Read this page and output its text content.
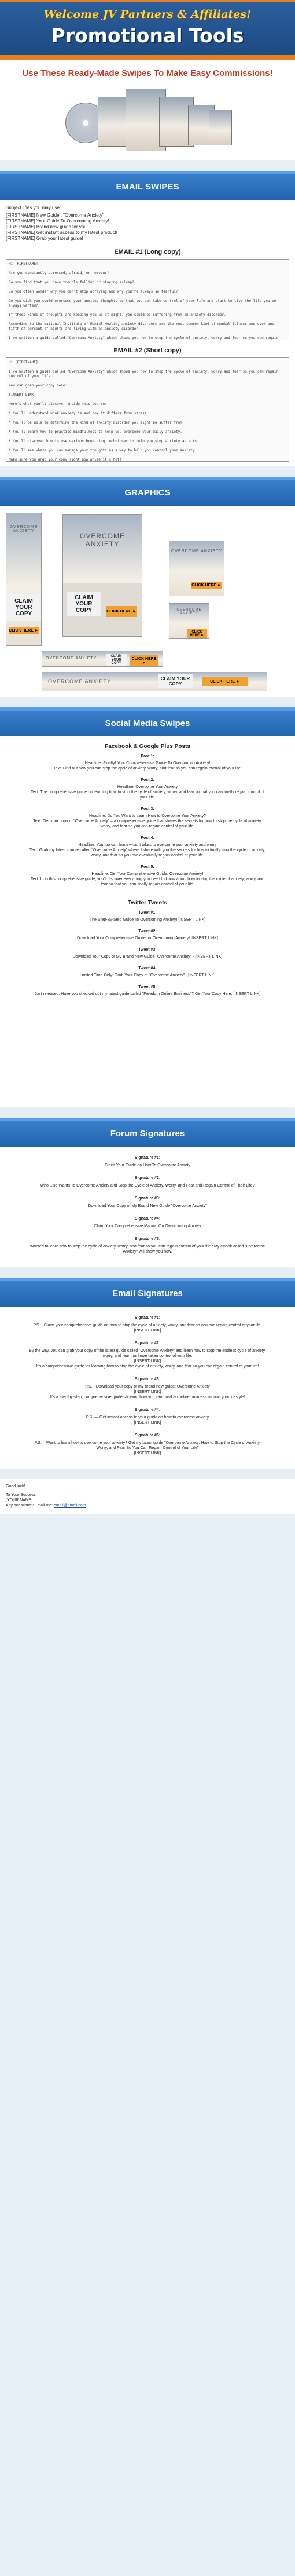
Welcome JV Partners & Affiliates!
Promotional Tools
Use These Ready-Made Swipes To Make Easy Commissions!
EMAIL SWIPES
Subject lines you may use:
[FIRSTNAME] New Guide : "Overcome Anxiety"
[FIRSTNAME] Your Guide To Overcoming Anxiety!
[FIRSTNAME] Brand new guide for you!
[FIRSTNAME] Get instant access to my latest product!
[FIRSTNAME] Grab your latest guide!
EMAIL #1 (Long copy)
Hi [FIRSTNAME],

Are you constantly stressed, afraid, or nervous?

Do you find that you have trouble falling or staying asleep?

Do you often wonder why you can't stop worrying and why you're always so fearful?

Do you wish you could overcome your anxious thoughts so that you can take control of your life and start to live the life you've always wanted?

If these kinds of thoughts are keeping you up at night, you could be suffering from an anxiety disorder.

According to the National Institute of Mental Health, anxiety disorders are the most common kind of mental illness and over one-fifth of percent of adults are living with an anxiety disorder.

I've written a guide called "Overcome Anxiety" which shows you how to stop the cycle of anxiety, worry and fear so you can regain

EMAIL #2 (Short copy)
Hi [FIRSTNAME],

I've written a guide called "Overcome Anxiety" which shows you how to stop the cycle of anxiety, worry and fear so you can regain control of your life.

You can grab your copy here:

[INSERT LINK]

Here's what you'll discover inside this course:

* You'll understand what anxiety is and how it differs from stress.

* You'll be able to determine the kind of anxiety disorder you might be suffer from.

* You'll learn how to practice mindfulness to help you overcome your daily anxiety.

* You'll discover how to use various breathing techniques to help you stop anxiety attacks.

* You'll see where you can manage your thoughts as a way to help you control your anxiety.

Make sure you grab your copy right now while it's hot!

GRAPHICS
OVERCOME ANXIETY
CLAIM YOUR COPY
CLICK HERE ►
OVERCOME ANXIETY
CLAIM YOUR COPY	CLICK HERE ►
OVERCOME ANXIETY
CLICK HERE ►
OVERCOME ANXIETY
CLICK HERE ►
OVERCOME ANXIETY	CLAIM YOUR COPY
CLICK HERE ►
OVERCOME ANXIETY	CLAIM YOUR COPY	CLICK HERE ►
Social Media Swipes
Facebook & Google Plus Posts
Post 1:
Headline: Finally! Your Comprehensive Guide To Overcoming Anxiety!
Text: Find out how you can stop the cycle of anxiety, worry, and fear so you can regain control of your life.
Post 2:
Headline: Overcome Your Anxiety
Text: The comprehensive guide on learning how to stop the cycle of anxiety, worry, and fear so that you can finally regain control of your life.
Post 3:
Headline: Do You Want to Learn How to Overcome Your Anxiety?
Text: Get your copy of "Overcome Anxiety" – a comprehensive guide that shares the secrets for how to stop the cycle of anxiety, worry, and fear so you can regain control of your life.
Post 4:
Headline: You too can learn what it takes to overcome your anxiety and worry
Text: Grab my latest course called "Overcome Anxiety" where I share with you the secrets for how to finally stop the cycle of anxiety, worry, and fear so you can eventually regain control of your life.
Post 5:
Headline: Get Your Comprehensive Guide: Overcome Anxiety!
Text: In in this comprehensive guide, you'll discover everything you need to know about how to stop the cycle of anxiety, worry, and fear so that you can finally regain control of your life.
Twitter Tweets
Tweet #1:
The Step-By-Step Guide To Overcoming Anxiety! [INSERT LINK]
Tweet #2:
Download Your Comprehensive Guide for Overcoming Anxiety! [INSERT LINK]
Tweet #3:
Download Your Copy of My Brand New Guide "Overcome Anxiety" - [INSERT LINK]
Tweet #4:
Limited Time Only: Grab Your Copy of "Overcome Anxiety" - [INSERT LINK]
Tweet #5:
Just released: Have you checked out my latest guide called "Freedom Online Business"? Get Your Copy Here: [INSERT LINK]
Forum Signatures
Signature #1:
Claim Your Guide on How To Overcome Anxiety
Signature #2:
Who Else Wants To Overcome Anxiety and Stop the Cycle of Anxiety, Worry, and Fear and Regain Control of Their Life?
Signature #3:
Download Your Copy of My Brand New Guide "Overcome Anxiety"
Signature #4:
Claim Your Comprehensive Manual On Overcoming Anxiety
Signature #5:
Wanted to learn how to stop the cycle of anxiety, worry, and fear so you can regain control of your life? My eBook called "Overcome Anxiety" will show you how.
Email Signatures
Signature #1:
P.S. - Claim your comprehensive guide on how to stop the cycle of anxiety, worry, and fear so you can regain control of your life!
[INSERT LINK]
Signature #2:
By the way, you can grab your copy of the latest guide called "Overcome Anxiety" and learn how to stop the endless cycle of anxiety, worry, and fear that have taken control of your life.
[INSERT LINK]
It's a comprehensive guide for learning how to stop the cycle of anxiety, worry, and fear so you can regain control of your life!
Signature #3:
P.S. - Download your copy of my brand new guide: Overcome Anxiety
[INSERT LINK]
It's a step-by-step, comprehensive guide showing how you can build an online business around your lifestyle!
Signature #4:
P.S. — Get instant access to your guide on how to overcome anxiety
[INSERT LINK]
Signature #5:
P.S. – Want to learn how to overcome your anxiety? Get my latest guide "Overcome Anxiety: How to Stop the Cycle of Anxiety, Worry, and Fear So You Can Regain Control of Your Life"
[INSERT LINK]
Good luck!
To Your Success,
[YOUR NAME]
Any questions? Email me: email@email.com
